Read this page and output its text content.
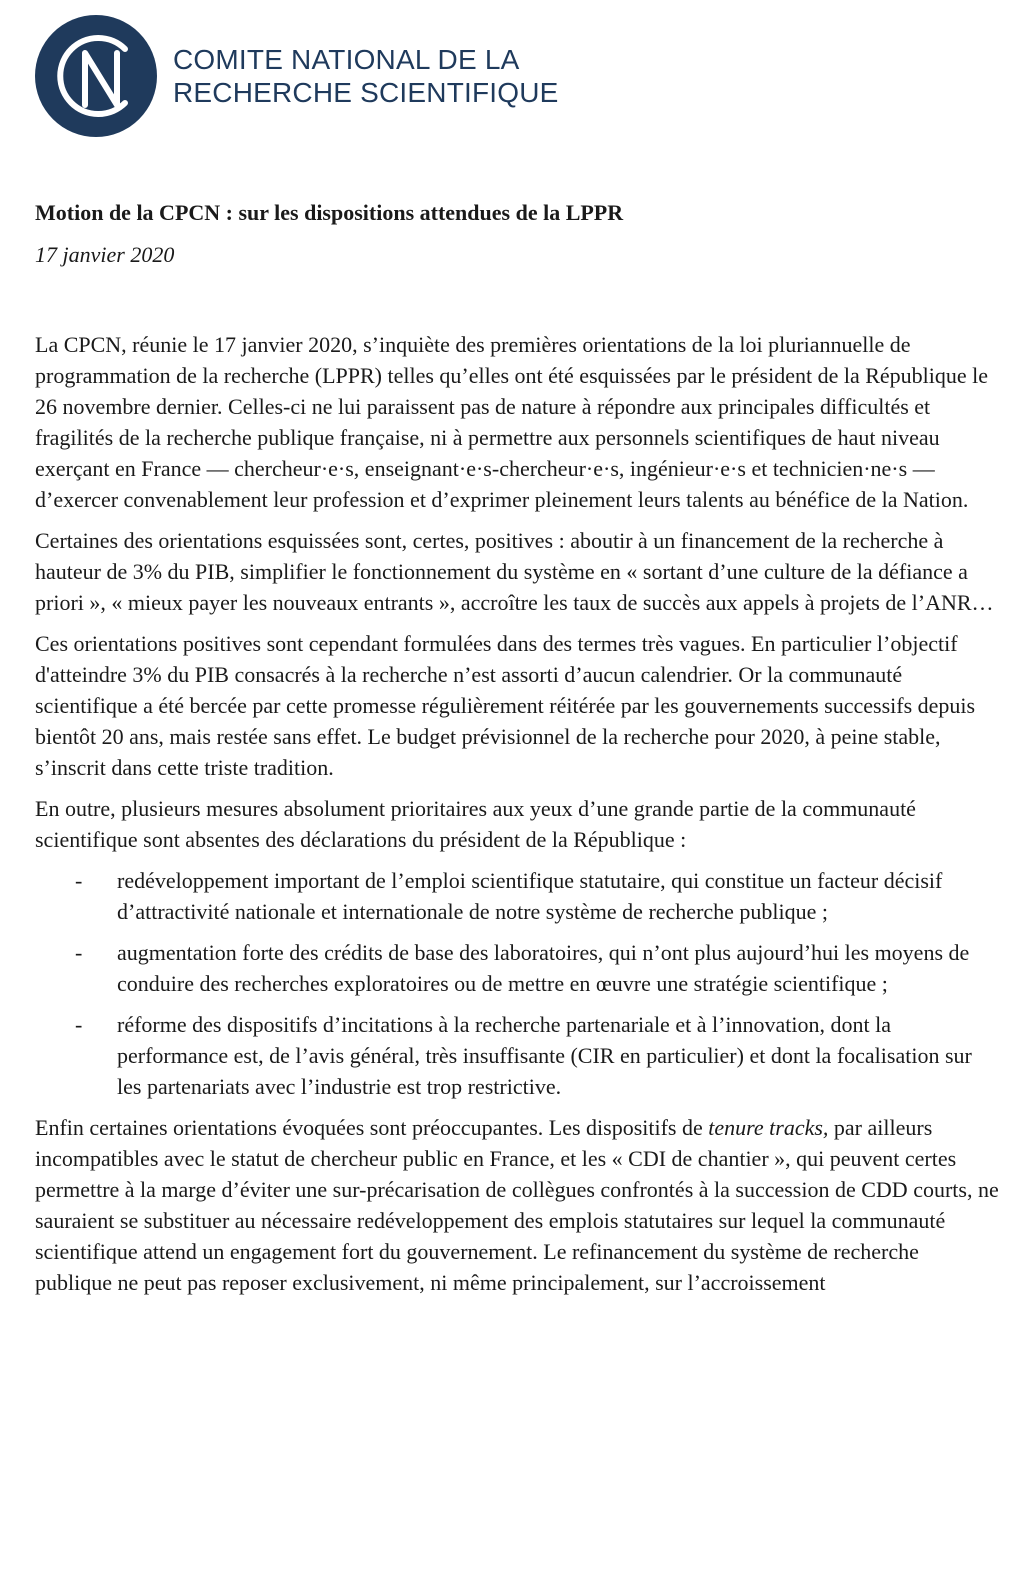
COMITE NATIONAL DE LA
RECHERCHE SCIENTIFIQUE
Motion de la CPCN : sur les dispositions attendues de la LPPR

17 janvier 2020

La CPCN, réunie le 17 janvier 2020, s’inquiète des premières orientations de la loi pluriannuelle de programmation de la recherche (LPPR) telles qu’elles ont été esquissées par le président de la République le 26 novembre dernier. Celles-ci ne lui paraissent pas de nature à répondre aux principales difficultés et fragilités de la recherche publique française, ni à permettre aux personnels scientifiques de haut niveau exerçant en France — chercheur·e·s, enseignant·e·s-chercheur·e·s, ingénieur·e·s et technicien·ne·s — d’exercer convenablement leur profession et d’exprimer pleinement leurs talents au bénéfice de la Nation.

Certaines des orientations esquissées sont, certes, positives : aboutir à un financement de la recherche à hauteur de 3% du PIB, simplifier le fonctionnement du système en « sortant d’une culture de la défiance a priori », « mieux payer les nouveaux entrants », accroître les taux de succès aux appels à projets de l’ANR…

Ces orientations positives sont cependant formulées dans des termes très vagues. En particulier l’objectif d'atteindre 3% du PIB consacrés à la recherche n’est assorti d’aucun calendrier. Or la communauté scientifique a été bercée par cette promesse régulièrement réitérée par les gouvernements successifs depuis bientôt 20 ans, mais restée sans effet. Le budget prévisionnel de la recherche pour 2020, à peine stable, s’inscrit dans cette triste tradition.

En outre, plusieurs mesures absolument prioritaires aux yeux d’une grande partie de la communauté scientifique sont absentes des déclarations du président de la République :

- redéveloppement important de l’emploi scientifique statutaire, qui constitue un facteur décisif d’attractivité nationale et internationale de notre système de recherche publique ;
- augmentation forte des crédits de base des laboratoires, qui n’ont plus aujourd’hui les moyens de conduire des recherches exploratoires ou de mettre en œuvre une stratégie scientifique ;
- réforme des dispositifs d’incitations à la recherche partenariale et à l’innovation, dont la performance est, de l’avis général, très insuffisante (CIR en particulier) et dont la focalisation sur les partenariats avec l’industrie est trop restrictive.

Enfin certaines orientations évoquées sont préoccupantes. Les dispositifs de tenure tracks, par ailleurs incompatibles avec le statut de chercheur public en France, et les « CDI de chantier », qui peuvent certes permettre à la marge d’éviter une sur-précarisation de collègues confrontés à la succession de CDD courts, ne sauraient se substituer au nécessaire redéveloppement des emplois statutaires sur lequel la communauté scientifique attend un engagement fort du gouvernement. Le refinancement du système de recherche publique ne peut pas reposer exclusivement, ni même principalement, sur l’accroissement
